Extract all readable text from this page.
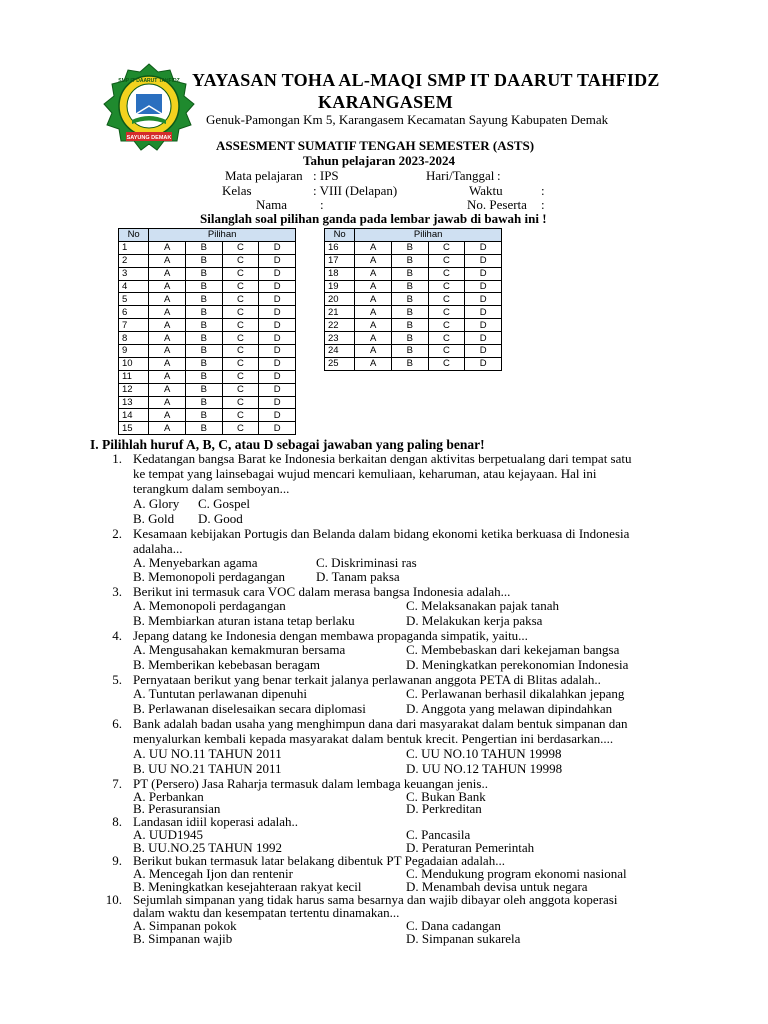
SMP IT DAARUT TAHFIDZ
SAYUNG DEMAK
YAYASAN TOHA AL-MAQI SMP IT DAARUT TAHFIDZ
KARANGASEM
Genuk-Pamongan Km 5, Karangasem Kecamatan Sayung Kabupaten Demak
ASSESMENT SUMATIF TENGAH SEMESTER (ASTS)
Tahun pelajaran 2023-2024
Mata pelajaran : IPS	Hari/Tanggal :
Kelas	: VIII (Delapan)	Waktu	:
Nama	:	No. Peserta :
Silanglah soal pilihan ganda pada lembar jawab di bawah ini !
No	Pilihan			
1	A	B	C	D
2	A	B	C	D
3	A	B	C	D
4	A	B	C	D
5	A	B	C	D
6	A	B	C	D
7	A	B	C	D
8	A	B	C	D
9	A	B	C	D
10	A	B	C	D
11	A	B	C	D
12	A	B	C	D
13	A	B	C	D
14	A	B	C	D
15	A	B	C	D
No	Pilihan			
16	A	B	C	D
17	A	B	C	D
18	A	B	C	D
19	A	B	C	D
20	A	B	C	D
21	A	B	C	D
22	A	B	C	D
23	A	B	C	D
24	A	B	C	D
25	A	B	C	D
I. Pilihlah huruf A, B, C, atau D sebagai jawaban yang paling benar!
1. Kedatangan bangsa Barat ke Indonesia berkaitan dengan aktivitas berpetualang dari tempat satu
ke tempat yang lainsebagai wujud mencari kemuliaan, keharuman, atau kejayaan. Hal ini
terangkum dalam semboyan...
A. Glory C. Gospel
B. Gold D. Good
2. Kesamaan kebijakan Portugis dan Belanda dalam bidang ekonomi ketika berkuasa di Indonesia
adalaha...
A. Menyebarkan agama	C. Diskriminasi ras
B. Memonopoli perdagangan D. Tanam paksa
3. Berikut ini termasuk cara VOC dalam merasa bangsa Indonesia adalah...
A. Memonopoli perdagangan	C. Melaksanakan pajak tanah
B. Membiarkan aturan istana tetap berlaku	D. Melakukan kerja paksa
4. Jepang datang ke Indonesia dengan membawa propaganda simpatik, yaitu...
A. Mengusahakan kemakmuran bersama	C. Membebaskan dari kekejaman bangsa
B. Memberikan kebebasan beragam	D. Meningkatkan perekonomian Indonesia
5. Pernyataan berikut yang benar terkait jalanya perlawanan anggota PETA di Blitas adalah..
A. Tuntutan perlawanan dipenuhi	C. Perlawanan berhasil dikalahkan jepang
B. Perlawanan diselesaikan secara diplomasi	D. Anggota yang melawan dipindahkan
6. Bank adalah badan usaha yang menghimpun dana dari masyarakat dalam bentuk simpanan dan
menyalurkan kembali kepada masyarakat dalam bentuk krecit. Pengertian ini berdasarkan....
A. UU NO.11 TAHUN 2011	C. UU NO.10 TAHUN 19998
B. UU NO.21 TAHUN 2011	D. UU NO.12 TAHUN 19998
7. PT (Persero) Jasa Raharja termasuk dalam lembaga keuangan jenis..
A. Perbankan	C. Bukan Bank
B. Perasuransian	D. Perkreditan
8. Landasan idiil koperasi adalah..
A. UUD1945	C. Pancasila
B. UU.NO.25 TAHUN 1992	D. Peraturan Pemerintah
9. Berikut bukan termasuk latar belakang dibentuk PT Pegadaian adalah...
A. Mencegah Ijon dan rentenir	C. Mendukung program ekonomi nasional
B. Meningkatkan kesejahteraan rakyat kecil	D. Menambah devisa untuk negara
10. Sejumlah simpanan yang tidak harus sama besarnya dan wajib dibayar oleh anggota koperasi
dalam waktu dan kesempatan tertentu dinamakan...
A. Simpanan pokok	C. Dana cadangan
B. Simpanan wajib	D. Simpanan sukarela
